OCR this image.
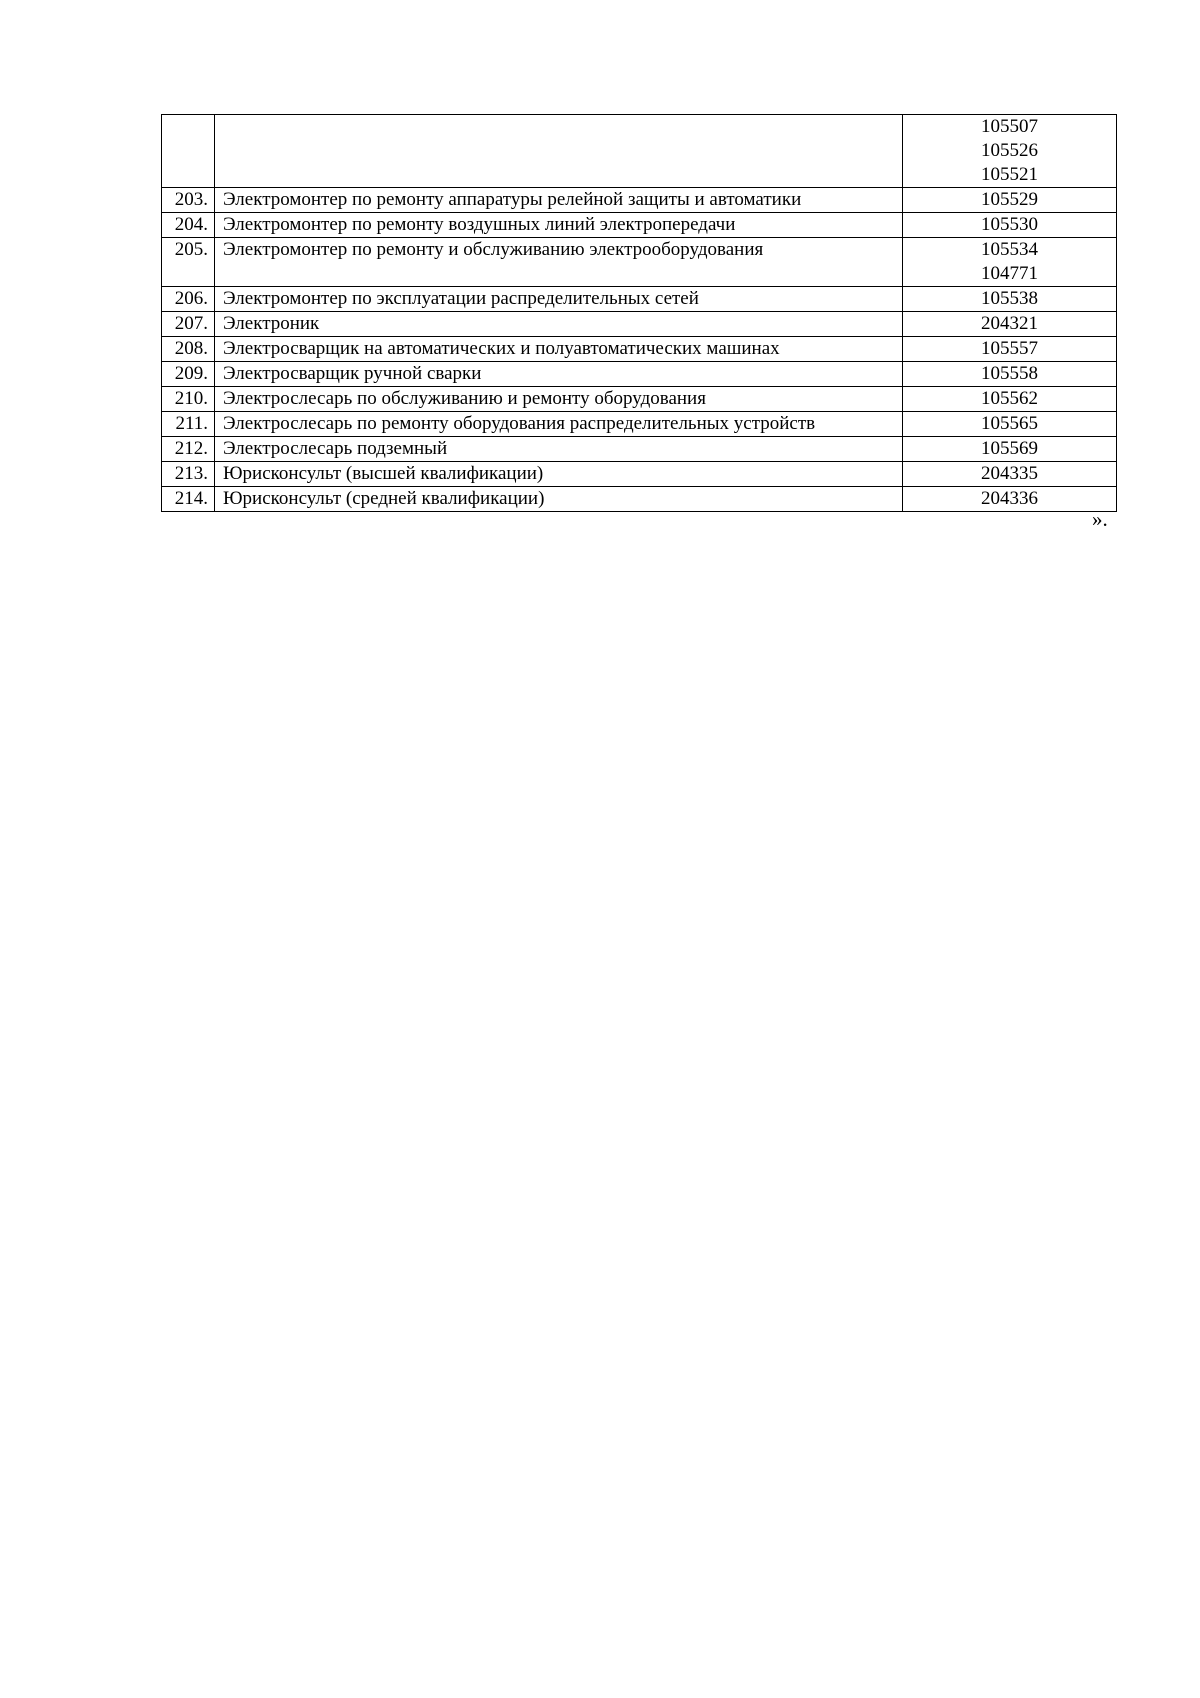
		105507
105526
105521

203.	Электромонтер по ремонту аппаратуры релейной защиты и автоматики	105529

204.	Электромонтер по ремонту воздушных линий электропередачи	105530

205.	Электромонтер по ремонту и обслуживанию электрооборудования	105534
104771

206.	Электромонтер по эксплуатации распределительных сетей	105538

207.	Электроник	204321

208.	Электросварщик на автоматических и полуавтоматических машинах	105557

209.	Электросварщик ручной сварки	105558

210.	Электрослесарь по обслуживанию и ремонту оборудования	105562

211.	Электрослесарь по ремонту оборудования распределительных устройств	105565

212.	Электрослесарь подземный	105569

213.	Юрисконсульт (высшей квалификации)	204335

214.	Юрисконсульт (средней квалификации)	204336
».
